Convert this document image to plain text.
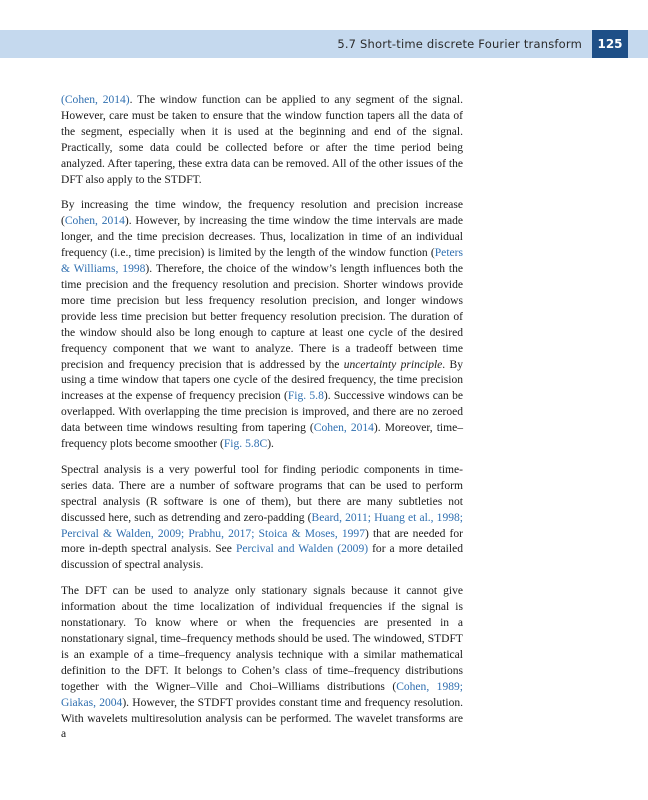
5.7 Short-time discrete Fourier transform	125

(Cohen, 2014). The window function can be applied to any segment of the signal. However, care must be taken to ensure that the window function tapers all the data of the segment, especially when it is used at the beginning and end of the signal. Practically, some data could be collected before or after the time period being analyzed. After tapering, these extra data can be removed. All of the other issues of the DFT also apply to the STDFT.

By increasing the time window, the frequency resolution and precision increase (Cohen, 2014). However, by increasing the time window the time intervals are made longer, and the time precision decreases. Thus, localization in time of an individual frequency (i.e., time precision) is limited by the length of the window function (Peters & Williams, 1998). Therefore, the choice of the window’s length influences both the time precision and the frequency resolution and precision. Shorter windows provide more time precision but less frequency resolution precision, and longer windows provide less time precision but better frequency resolution precision. The duration of the window should also be long enough to capture at least one cycle of the desired frequency component that we want to analyze. There is a tradeoff between time precision and frequency precision that is addressed by the uncertainty principle. By using a time window that tapers one cycle of the desired frequency, the time precision increases at the expense of frequency precision (Fig. 5.8). Successive windows can be overlapped. With overlapping the time precision is improved, and there are no zeroed data between time windows resulting from tapering (Cohen, 2014). Moreover, time–frequency plots become smoother (Fig. 5.8C).

Spectral analysis is a very powerful tool for finding periodic components in time-series data. There are a number of software programs that can be used to perform spectral analysis (R software is one of them), but there are many subtleties not discussed here, such as detrending and zero-padding (Beard, 2011; Huang et al., 1998; Percival & Walden, 2009; Prabhu, 2017; Stoica & Moses, 1997) that are needed for more in-depth spectral analysis. See Percival and Walden (2009) for a more detailed discussion of spectral analysis.

The DFT can be used to analyze only stationary signals because it cannot give information about the time localization of individual frequencies if the signal is nonstationary. To know where or when the frequencies are presented in a nonstationary signal, time–frequency methods should be used. The windowed, STDFT is an example of a time–frequency analysis technique with a similar mathematical definition to the DFT. It belongs to Cohen’s class of time–frequency distributions together with the Wigner–Ville and Choi–Williams distributions (Cohen, 1989; Giakas, 2004). However, the STDFT provides constant time and frequency resolution. With wavelets multiresolution analysis can be performed. The wavelet transforms are a
